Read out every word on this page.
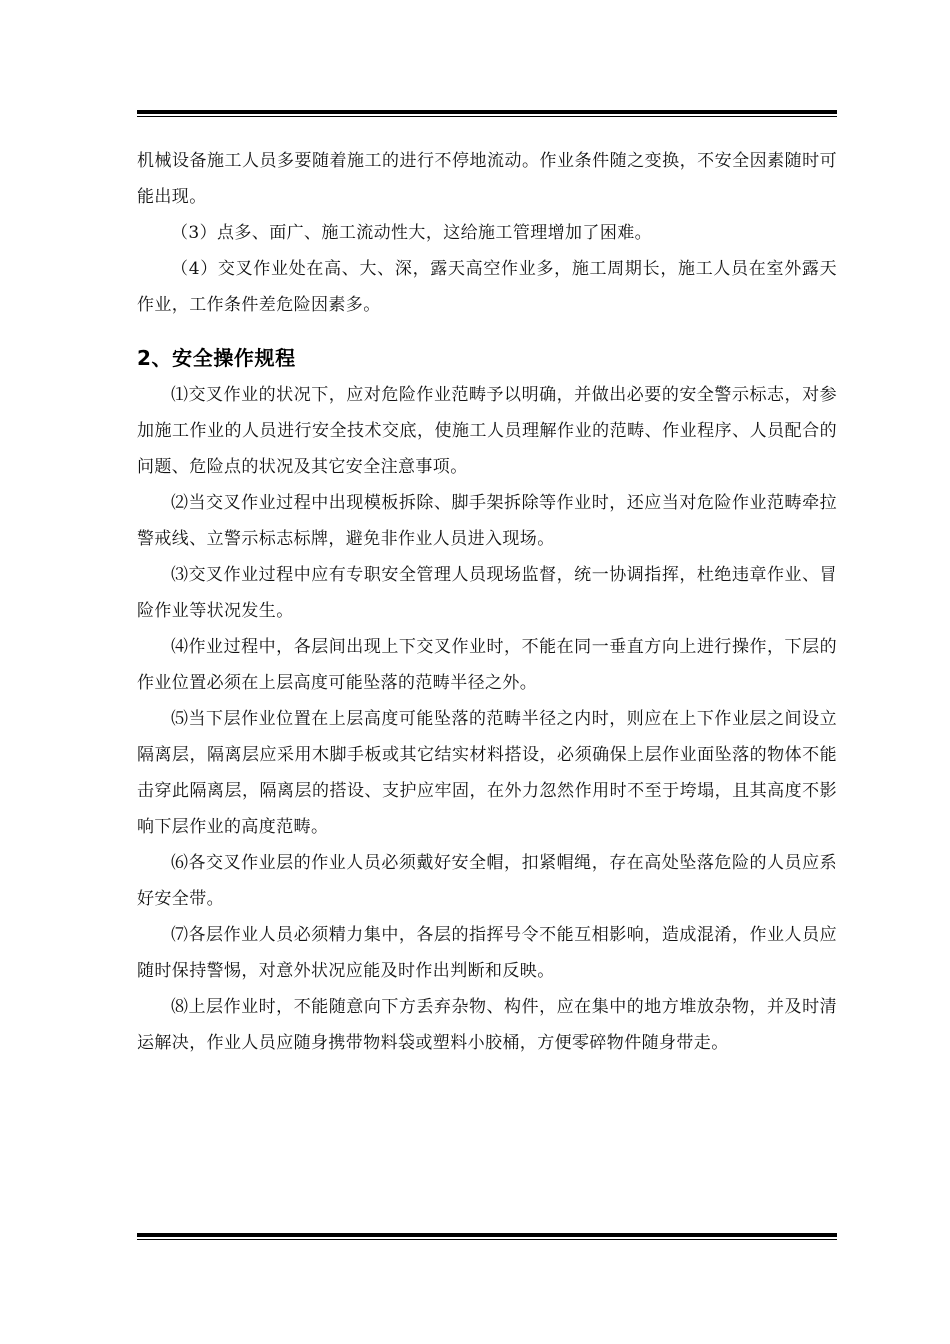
机械设备施工人员多要随着施工的进行不停地流动。作业条件随之变换，不安全因素随时可能出现。

（3）点多、面广、施工流动性大，这给施工管理增加了困难。

（4）交叉作业处在高、大、深，露天高空作业多，施工周期长，施工人员在室外露天作业，工作条件差危险因素多。

2、安全操作规程

⑴交叉作业的状况下，应对危险作业范畴予以明确，并做出必要的安全警示标志，对参加施工作业的人员进行安全技术交底，使施工人员理解作业的范畴、作业程序、人员配合的问题、危险点的状况及其它安全注意事项。

⑵当交叉作业过程中出现模板拆除、脚手架拆除等作业时，还应当对危险作业范畴牵拉警戒线、立警示标志标牌，避免非作业人员进入现场。

⑶交叉作业过程中应有专职安全管理人员现场监督，统一协调指挥，杜绝违章作业、冒险作业等状况发生。

⑷作业过程中，各层间出现上下交叉作业时，不能在同一垂直方向上进行操作，下层的作业位置必须在上层高度可能坠落的范畴半径之外。

⑸当下层作业位置在上层高度可能坠落的范畴半径之内时，则应在上下作业层之间设立隔离层，隔离层应采用木脚手板或其它结实材料搭设，必须确保上层作业面坠落的物体不能击穿此隔离层，隔离层的搭设、支护应牢固，在外力忽然作用时不至于垮塌，且其高度不影响下层作业的高度范畴。

⑹各交叉作业层的作业人员必须戴好安全帽，扣紧帽绳，存在高处坠落危险的人员应系好安全带。

⑺各层作业人员必须精力集中，各层的指挥号令不能互相影响，造成混淆，作业人员应随时保持警惕，对意外状况应能及时作出判断和反映。

⑻上层作业时，不能随意向下方丢弃杂物、构件，应在集中的地方堆放杂物，并及时清运解决，作业人员应随身携带物料袋或塑料小胶桶，方便零碎物件随身带走。
